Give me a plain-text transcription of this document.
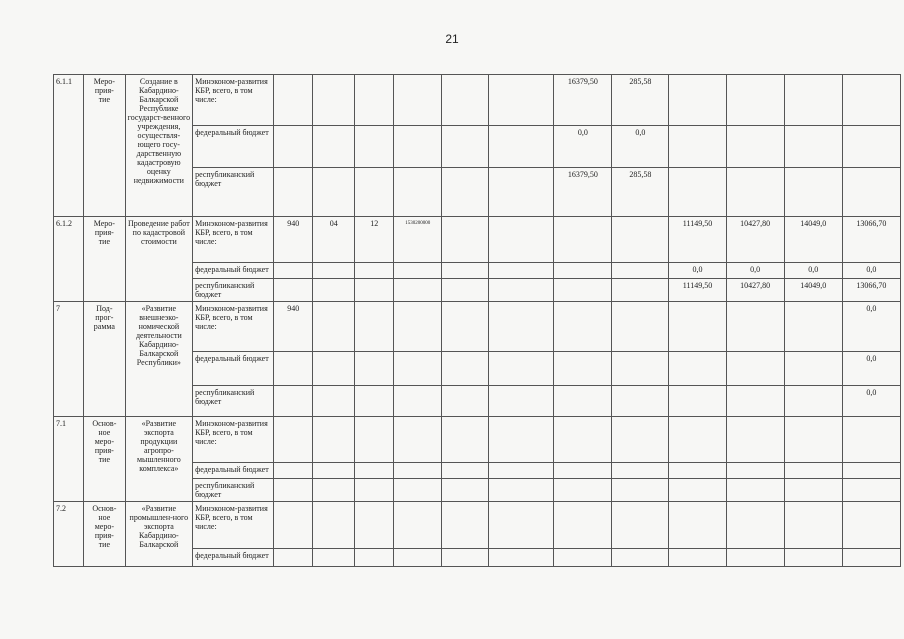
21
6.1.1	Меро-
прия-
тие	Создание в Кабардино-Балкарской Республике государст-венного учреждения, осуществля-ющего госу-дарственную кадастровую оценку недвижимости	Минэконом-развития КБР, всего, в том числе:							16379,50	285,58				
			федеральный бюджет							0,0	0,0				
			республиканский бюджет							16379,50	285,58				
6.1.2	Меро-
прия-
тие	Проведение работ по кадастровой стоимости	Минэконом-развития КБР, всего, в том числе:	940	04	12	1530200000					11149,50	10427,80	14049,0	13066,70
			федеральный бюджет									0,0	0,0	0,0	0,0
			республиканский бюджет									11149,50	10427,80	14049,0	13066,70
7	Под-
прог-
рамма	«Развитие внешнеэко-номической деятельности Кабардино-Балкарской Республики»	Минэконом-развития КБР, всего, в том числе:	940											0,0
			федеральный бюджет												0,0
			республиканский бюджет												0,0
7.1	Основ-
ное
меро-
прия-
тие	«Развитие экспорта продукции агропро-мышленного комплекса»	Минэконом-развития КБР, всего, в том числе:												
			федеральный бюджет												
			республиканский бюджет												
7.2	Основ-
ное
меро-
прия-
тие	«Развитие промышлен-ного экспорта Кабардино-Балкарской	Минэконом-развития КБР, всего, в том числе:												
			федеральный бюджет												
